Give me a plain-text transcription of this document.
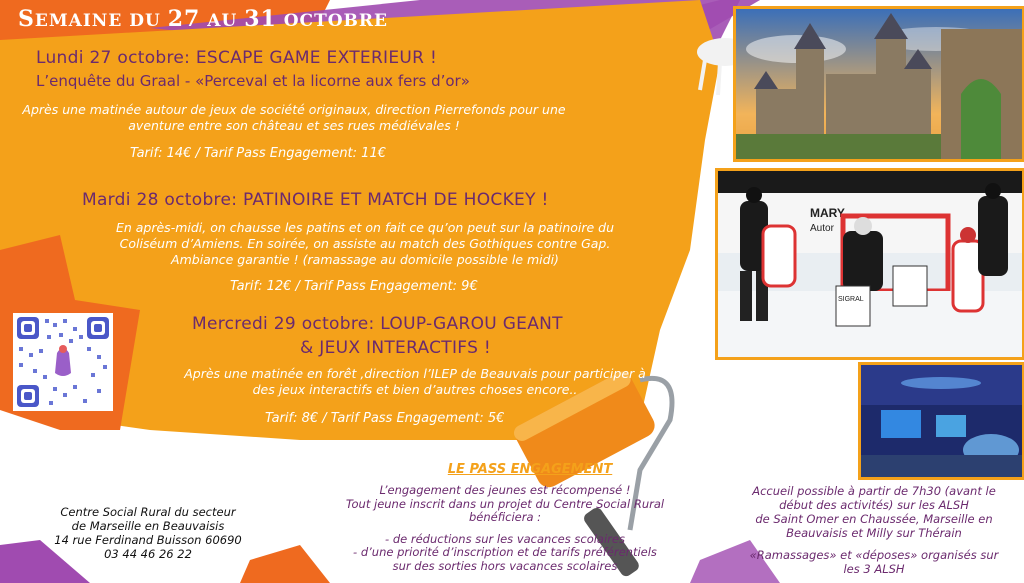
SEMAINE DU 27 AU 31 OCTOBRE
Lundi 27 octobre: ESCAPE GAME EXTERIEUR !
L’enquête du Graal - «Perceval et la licorne aux fers d’or»
Après une matinée autour de jeux de société originaux, direction Pierrefonds pour une aventure entre son château et ses rues médiévales !
Tarif: 14€ / Tarif Pass Engagement: 11€
Mardi 28 octobre: PATINOIRE ET MATCH DE HOCKEY !
En après-midi, on chausse les patins et on fait ce qu’on peut sur la patinoire du Coliséum d’Amiens. En soirée, on assiste au match des Gothiques contre Gap. Ambiance garantie ! (ramassage au domicile possible le midi)
Tarif: 12€ / Tarif Pass Engagement: 9€
Mercredi 29 octobre: LOUP-GAROU GEANT
& JEUX INTERACTIFS !
Après une matinée en forêt ,direction l’ILEP de Beauvais pour participer à des jeux interactifs et bien d’autres choses encore..
Tarif: 8€ / Tarif Pass Engagement: 5€
Centre Social Rural du secteur
de Marseille en Beauvaisis
14 rue Ferdinand Buisson 60690
03 44 46 26 22
LE PASS ENGAGEMENT
L’engagement des jeunes est récompensé !
Tout jeune inscrit dans un projet du Centre Social Rural
bénéficiera :
- de réductions sur les vacances scolaires
- d’une priorité d’inscription et de tarifs préférentiels
sur des sorties hors vacances scolaires
MARY
Autor
SIGRAL
Accueil possible à partir de 7h30 (avant le
début des activités) sur les ALSH
de Saint Omer en Chaussée, Marseille en
Beauvaisis et Milly sur Thérain
«Ramassages» et «déposes» organisés sur
les 3 ALSH
